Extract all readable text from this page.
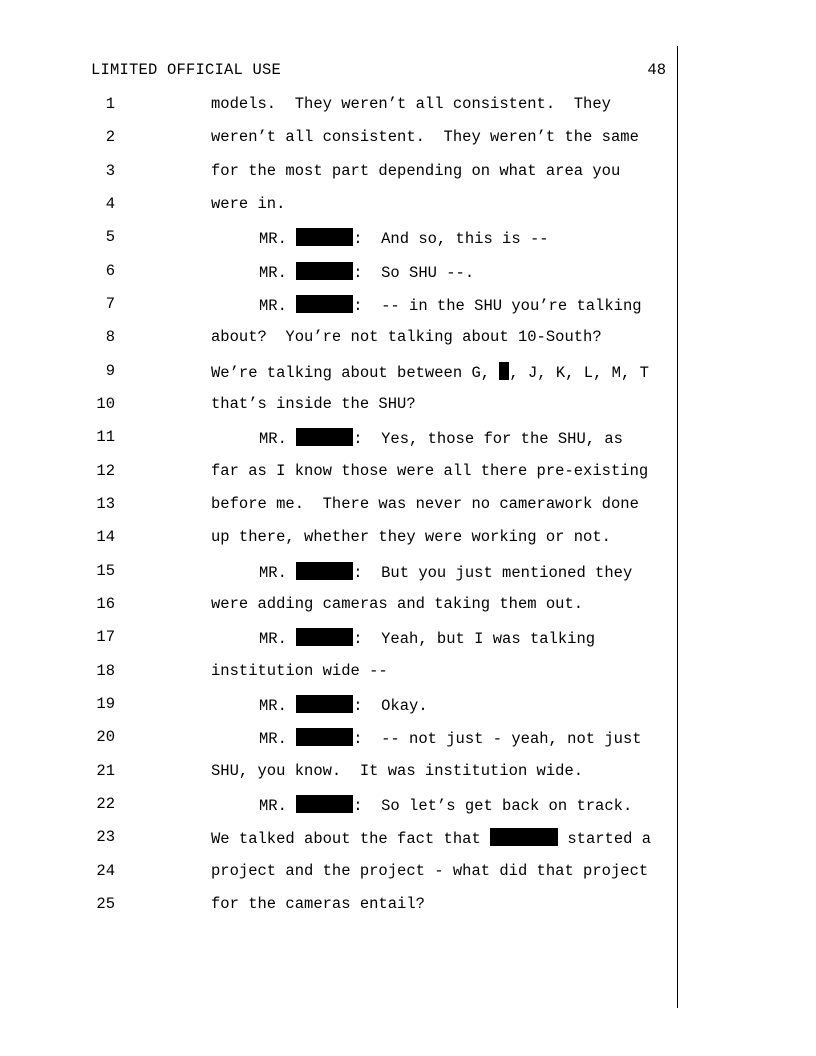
LIMITED OFFICIAL USE	48
1	models.  They weren’t all consistent.  They
2	weren’t all consistent.  They weren’t the same
3	for the most part depending on what area you
4	were in.
5	MR.	:  And so, this is --
6	MR.	:  So SHU --.
7	MR.	:  -- in the SHU you’re talking
8	about?  You’re not talking about 10-South?
9	We’re talking about between G, , J, K, L, M, T
10	that’s inside the SHU?
11	MR.	:  Yes, those for the SHU, as
12	far as I know those were all there pre-existing
13	before me.  There was never no camerawork done
14	up there, whether they were working or not.
15	MR.	:  But you just mentioned they
16	were adding cameras and taking them out.
17	MR.	:  Yeah, but I was talking
18	institution wide --
19	MR.	:  Okay.
20	MR.	:  -- not just - yeah, not just
21	SHU, you know.  It was institution wide.
22	MR.	:  So let’s get back on track.
23	We talked about the fact that	started a
24	project and the project - what did that project
25	for the cameras entail?
